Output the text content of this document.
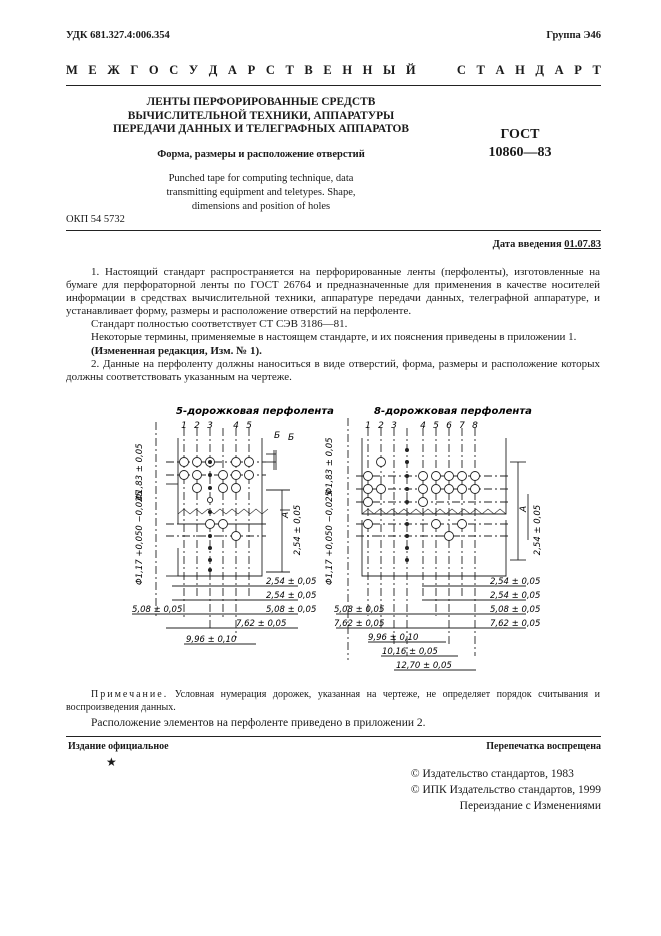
УДК 681.327.4:006.354	Группа Э46
М Е Ж Г О С У Д А Р С Т В Е Н Н Ы Й	С Т А Н Д А Р Т
ЛЕНТЫ ПЕРФОРИРОВАННЫЕ СРЕДСТВ
ВЫЧИСЛИТЕЛЬНОЙ ТЕХНИКИ, АППАРАТУРЫ
ПЕРЕДАЧИ ДАННЫХ И ТЕЛЕГРАФНЫХ АППАРАТОВ	ГОСТ
10860—83
Форма, размеры и расположение отверстий
Punched tape for computing technique, data
transmitting equipment and teletypes. Shape,
dimensions and position of holes
ОКП 54 5732
Дата введения 01.07.83

1. Настоящий стандарт распространяется на перфорированные ленты (перфоленты), изготовленные на бумаге для перфораторной ленты по ГОСТ 26764 и предназначенные для применения в качестве носителей информации в средствах вычислительной техники, аппаратуре передачи данных, телеграфной аппаратуре, и устанавливает форму, размеры и расположение отверстий на перфоленте.

Стандарт полностью соответствует СТ СЭВ 3186—81.

Некоторые термины, применяемые в настоящем стандарте, и их пояснения приведены в приложении 1.

(Измененная редакция, Изм. № 1).

2. Данные на перфоленту должны наноситься в виде отверстий, форма, размеры и расположение которых должны соответствовать указанным на чертеже.

5-дорожковая перфолента
1 2 3 4 5
Φ1,83 ± 0,05
Φ1,17 +0,050 −0,025	2,54 ± 0,05
Б Б
А
2,54 ± 0,05
2,54 ± 0,05
5,08 ± 0,05	5,08 ± 0,05
7,62 ± 0,05
9,96 ± 0,10
8-дорожковая перфолента
1 2 3	4 5 6 7 8
Φ1,83 ± 0,05
Φ1,17 +0,050 −0,025	2,54 ± 0,05
А
2,54 ± 0,05
2,54 ± 0,05
5,08 ± 0,05	5,08 ± 0,05
7,62 ± 0,05	7,62 ± 0,05
9,96 ± 0,10
10,16 ± 0,05
12,70 ± 0,05
Примечание. Условная нумерация дорожек, указанная на чертеже, не определяет порядок считывания и воспроизведения данных.
Расположение элементов на перфоленте приведено в приложении 2.
Издание официальное	Перепечатка воспрещена
★
© Издательство стандартов, 1983
© ИПК Издательство стандартов, 1999
Переиздание с Изменениями
